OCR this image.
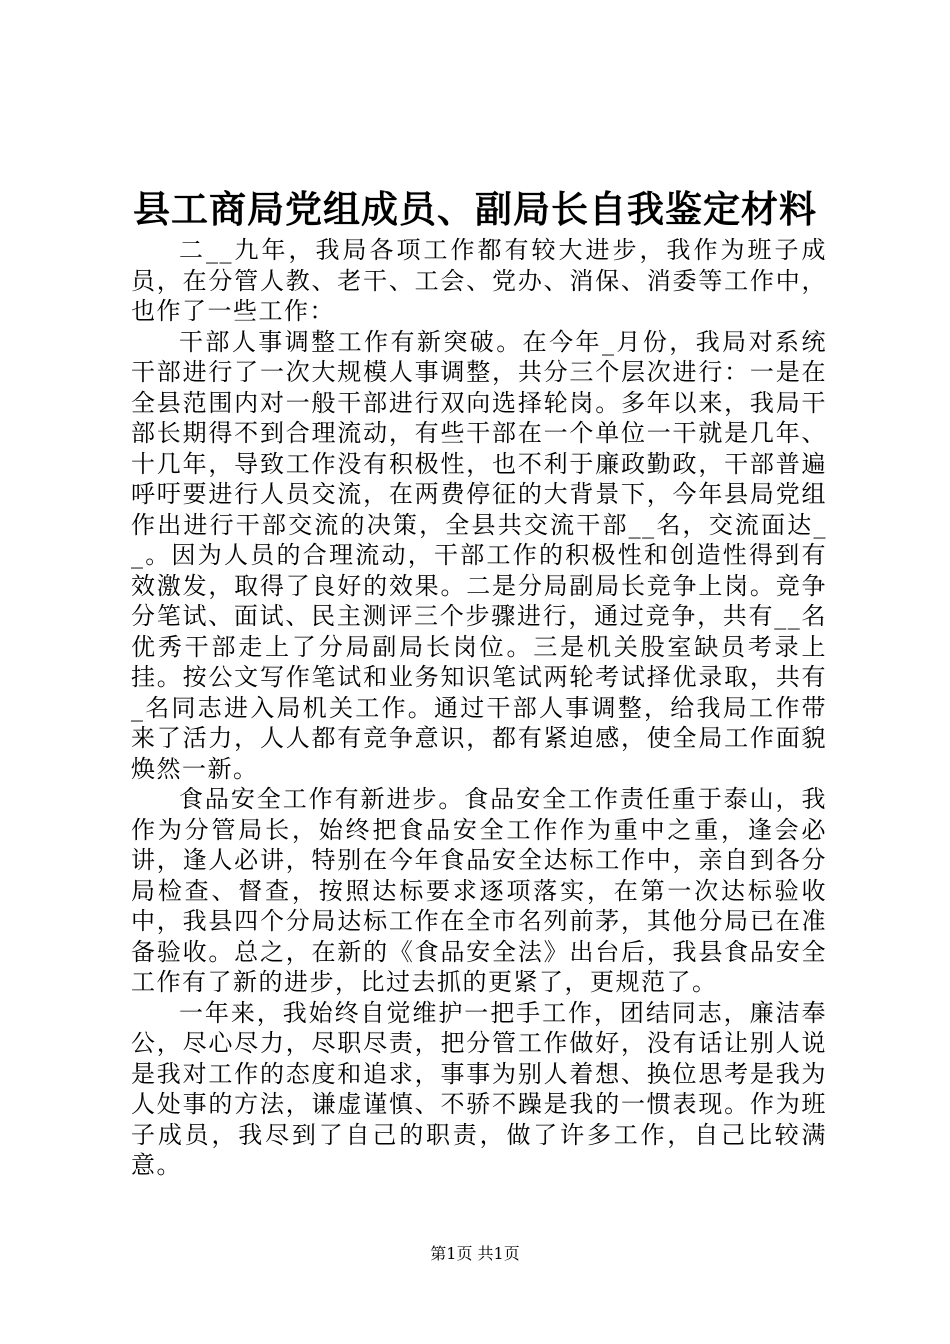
县工商局党组成员、副局长自我鉴定材料

二__九年，我局各项工作都有较大进步，我作为班子成员，在分管人教、老干、工会、党办、消保、消委等工作中，也作了一些工作：

干部人事调整工作有新突破。在今年_月份，我局对系统干部进行了一次大规模人事调整，共分三个层次进行：一是在全县范围内对一般干部进行双向选择轮岗。多年以来，我局干部长期得不到合理流动，有些干部在一个单位一干就是几年、十几年，导致工作没有积极性，也不利于廉政勤政，干部普遍呼吁要进行人员交流，在两费停征的大背景下，今年县局党组作出进行干部交流的决策，全县共交流干部__名，交流面达__。因为人员的合理流动，干部工作的积极性和创造性得到有效激发，取得了良好的效果。二是分局副局长竞争上岗。竞争分笔试、面试、民主测评三个步骤进行，通过竞争，共有__名优秀干部走上了分局副局长岗位。三是机关股室缺员考录上挂。按公文写作笔试和业务知识笔试两轮考试择优录取，共有_名同志进入局机关工作。通过干部人事调整，给我局工作带来了活力，人人都有竞争意识，都有紧迫感，使全局工作面貌焕然一新。

食品安全工作有新进步。食品安全工作责任重于泰山，我作为分管局长，始终把食品安全工作作为重中之重，逢会必讲，逢人必讲，特别在今年食品安全达标工作中，亲自到各分局检查、督查，按照达标要求逐项落实，在第一次达标验收中，我县四个分局达标工作在全市名列前茅，其他分局已在准备验收。总之，在新的《食品安全法》出台后，我县食品安全工作有了新的进步，比过去抓的更紧了，更规范了。

一年来，我始终自觉维护一把手工作，团结同志，廉洁奉公，尽心尽力，尽职尽责，把分管工作做好，没有话让别人说是我对工作的态度和追求，事事为别人着想、换位思考是我为人处事的方法，谦虚谨慎、不骄不躁是我的一惯表现。作为班子成员，我尽到了自己的职责，做了许多工作，自己比较满意。

第1页 共1页
